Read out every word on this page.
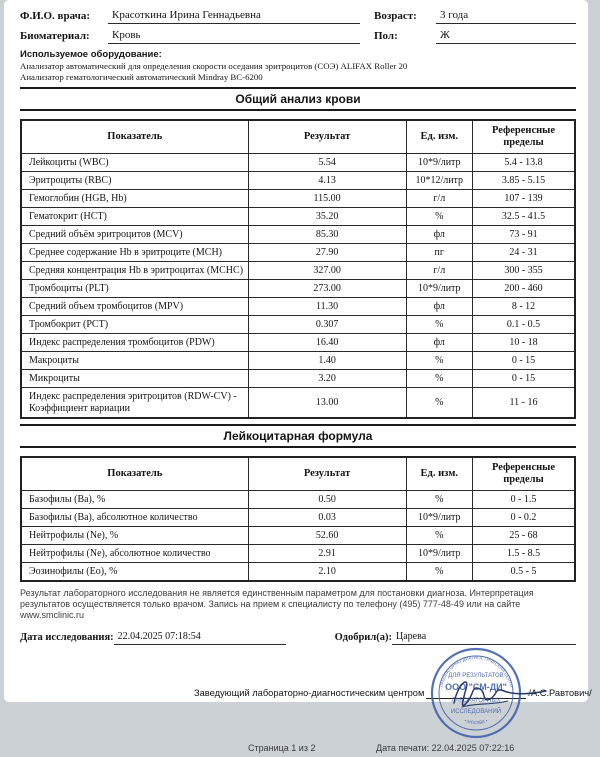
Ф.И.О. врача:	Красоткина Ирина Геннадьевна	Возраст:	3 года
Биоматериал:	Кровь	Пол:	Ж
Используемое оборудование:
Анализатор автоматический для определения скорости оседания эритроцитов (СОЭ) ALIFAX Roller 20
Анализатор гематологический автоматический Mindray BC-6200
Общий анализ крови
Показатель	Результат	Ед. изм.	Референсные пределы
Лейкоциты (WBC)	5.54	10*9/литр	5.4 - 13.8
Эритроциты (RBC)	4.13	10*12/литр	3.85 - 5.15
Гемоглобин (HGB, Hb)	115.00	г/л	107 - 139
Гематокрит (HCT)	35.20	%	32.5 - 41.5
Средний объём эритроцитов (MCV)	85.30	фл	73 - 91
Среднее содержание Hb в эритроците (MCH)	27.90	пг	24 - 31
Средняя концентрация Hb в эритроцитах (MCHC)	327.00	г/л	300 - 355
Тромбоциты (PLT)	273.00	10*9/литр	200 - 460
Средний объем тромбоцитов (MPV)	11.30	фл	8 - 12
Тромбокрит (PCT)	0.307	%	0.1 - 0.5
Индекс распределения тромбоцитов (PDW)	16.40	фл	10 - 18
Макроциты	1.40	%	0 - 15
Микроциты	3.20	%	0 - 15
Индекс распределения эритроцитов (RDW-CV) - Коэффициент вариации	13.00	%	11 - 16
Лейкоцитарная формула
Показатель	Результат	Ед. изм.	Референсные пределы
Базофилы (Ba), %	0.50	%	0 - 1.5
Базофилы (Ba), абсолютное количество	0.03	10*9/литр	0 - 0.2
Нейтрофилы (Ne), %	52.60	%	25 - 68
Нейтрофилы (Ne), абсолютное количество	2.91	10*9/литр	1.5 - 8.5
Эозинофилы (Eo), %	2.10	%	0.5 - 5
Результат лабораторного исследования не является единственным параметром для постановки диагноза. Интерпретация результатов осуществляется только врачом. Запись на прием к специалисту по телефону (495) 777-48-49 или на сайте www.smclinic.ru
Дата исследования: 22.04.2025 07:18:54	Одобрил(а): Царева
Заведующий лабораторно-диагностическим центром	/А.С.Равтович/
ЛАБОРАТОРНО-ДИАГНОСТИЧЕСКИЙ ЦЕНТР
• МОСКВА •
ДЛЯ РЕЗУЛЬТАТОВ
ООО "СМ-ДИ"
ЛАБОРАТОРНЫХ
ИССЛЕДОВАНИЙ
Страница 1 из 2	Дата печати: 22.04.2025 07:22:16
